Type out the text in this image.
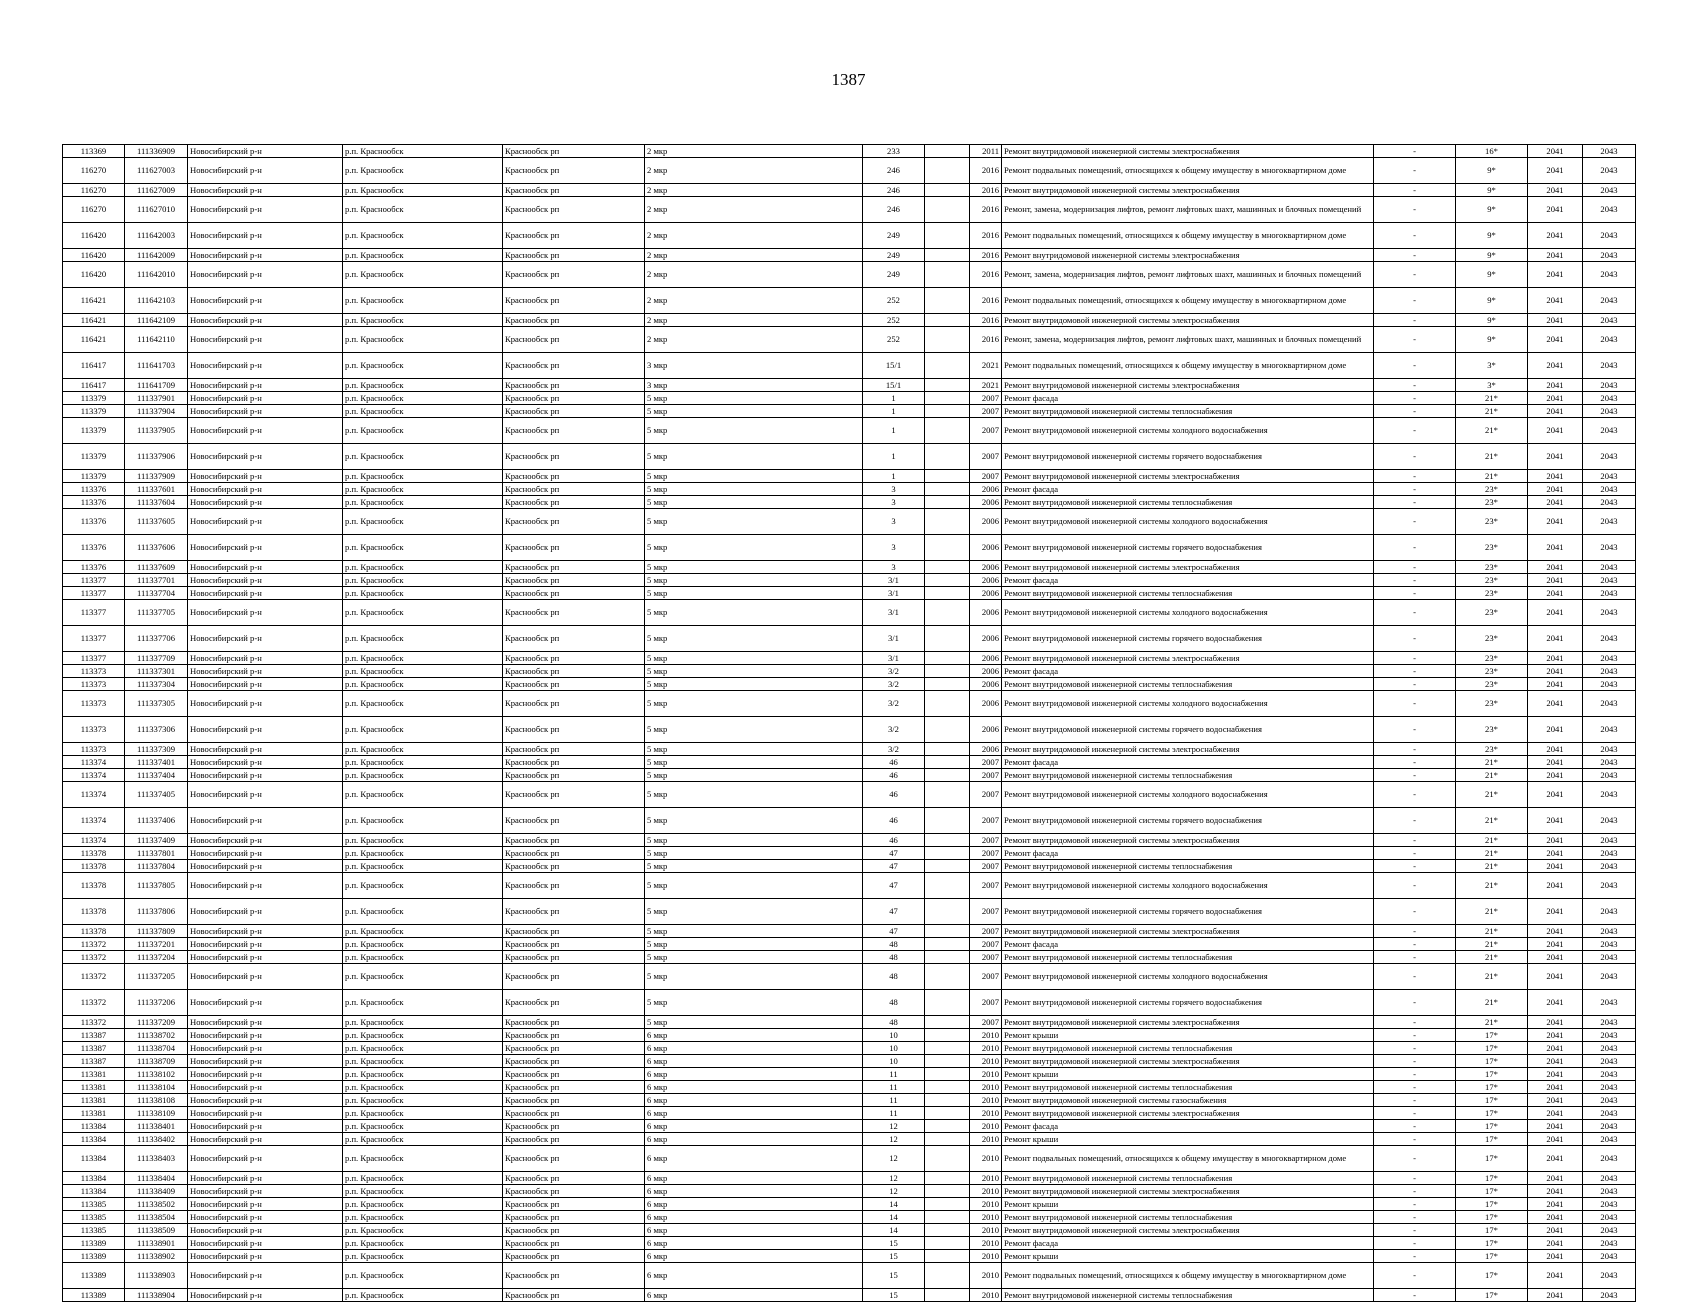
1387
113369	111336909	Новосибирский р-н	р.п. Краснообск	Краснообск рп	2 мкр	233		2011	Ремонт внутридомовой инженерной системы электроснабжения	-	16*	2041	2043
116270	111627003	Новосибирский р-н	р.п. Краснообск	Краснообск рп	2 мкр	246		2016	Ремонт подвальных помещений, относящихся к общему имуществу в многоквартирном доме	-	9*	2041	2043
116270	111627009	Новосибирский р-н	р.п. Краснообск	Краснообск рп	2 мкр	246		2016	Ремонт внутридомовой инженерной системы электроснабжения	-	9*	2041	2043
116270	111627010	Новосибирский р-н	р.п. Краснообск	Краснообск рп	2 мкр	246		2016	Ремонт, замена, модернизация лифтов, ремонт лифтовых шахт, машинных и блочных помещений	-	9*	2041	2043
116420	111642003	Новосибирский р-н	р.п. Краснообск	Краснообск рп	2 мкр	249		2016	Ремонт подвальных помещений, относящихся к общему имуществу в многоквартирном доме	-	9*	2041	2043
116420	111642009	Новосибирский р-н	р.п. Краснообск	Краснообск рп	2 мкр	249		2016	Ремонт внутридомовой инженерной системы электроснабжения	-	9*	2041	2043
116420	111642010	Новосибирский р-н	р.п. Краснообск	Краснообск рп	2 мкр	249		2016	Ремонт, замена, модернизация лифтов, ремонт лифтовых шахт, машинных и блочных помещений	-	9*	2041	2043
116421	111642103	Новосибирский р-н	р.п. Краснообск	Краснообск рп	2 мкр	252		2016	Ремонт подвальных помещений, относящихся к общему имуществу в многоквартирном доме	-	9*	2041	2043
116421	111642109	Новосибирский р-н	р.п. Краснообск	Краснообск рп	2 мкр	252		2016	Ремонт внутридомовой инженерной системы электроснабжения	-	9*	2041	2043
116421	111642110	Новосибирский р-н	р.п. Краснообск	Краснообск рп	2 мкр	252		2016	Ремонт, замена, модернизация лифтов, ремонт лифтовых шахт, машинных и блочных помещений	-	9*	2041	2043
116417	111641703	Новосибирский р-н	р.п. Краснообск	Краснообск рп	3 мкр	15/1		2021	Ремонт подвальных помещений, относящихся к общему имуществу в многоквартирном доме	-	3*	2041	2043
116417	111641709	Новосибирский р-н	р.п. Краснообск	Краснообск рп	3 мкр	15/1		2021	Ремонт внутридомовой инженерной системы электроснабжения	-	3*	2041	2043
113379	111337901	Новосибирский р-н	р.п. Краснообск	Краснообск рп	5 мкр	1		2007	Ремонт фасада	-	21*	2041	2043
113379	111337904	Новосибирский р-н	р.п. Краснообск	Краснообск рп	5 мкр	1		2007	Ремонт внутридомовой инженерной системы теплоснабжения	-	21*	2041	2043
113379	111337905	Новосибирский р-н	р.п. Краснообск	Краснообск рп	5 мкр	1		2007	Ремонт внутридомовой инженерной системы холодного водоснабжения	-	21*	2041	2043
113379	111337906	Новосибирский р-н	р.п. Краснообск	Краснообск рп	5 мкр	1		2007	Ремонт внутридомовой инженерной системы горячего водоснабжения	-	21*	2041	2043
113379	111337909	Новосибирский р-н	р.п. Краснообск	Краснообск рп	5 мкр	1		2007	Ремонт внутридомовой инженерной системы электроснабжения	-	21*	2041	2043
113376	111337601	Новосибирский р-н	р.п. Краснообск	Краснообск рп	5 мкр	3		2006	Ремонт фасада	-	23*	2041	2043
113376	111337604	Новосибирский р-н	р.п. Краснообск	Краснообск рп	5 мкр	3		2006	Ремонт внутридомовой инженерной системы теплоснабжения	-	23*	2041	2043
113376	111337605	Новосибирский р-н	р.п. Краснообск	Краснообск рп	5 мкр	3		2006	Ремонт внутридомовой инженерной системы холодного водоснабжения	-	23*	2041	2043
113376	111337606	Новосибирский р-н	р.п. Краснообск	Краснообск рп	5 мкр	3		2006	Ремонт внутридомовой инженерной системы горячего водоснабжения	-	23*	2041	2043
113376	111337609	Новосибирский р-н	р.п. Краснообск	Краснообск рп	5 мкр	3		2006	Ремонт внутридомовой инженерной системы электроснабжения	-	23*	2041	2043
113377	111337701	Новосибирский р-н	р.п. Краснообск	Краснообск рп	5 мкр	3/1		2006	Ремонт фасада	-	23*	2041	2043
113377	111337704	Новосибирский р-н	р.п. Краснообск	Краснообск рп	5 мкр	3/1		2006	Ремонт внутридомовой инженерной системы теплоснабжения	-	23*	2041	2043
113377	111337705	Новосибирский р-н	р.п. Краснообск	Краснообск рп	5 мкр	3/1		2006	Ремонт внутридомовой инженерной системы холодного водоснабжения	-	23*	2041	2043
113377	111337706	Новосибирский р-н	р.п. Краснообск	Краснообск рп	5 мкр	3/1		2006	Ремонт внутридомовой инженерной системы горячего водоснабжения	-	23*	2041	2043
113377	111337709	Новосибирский р-н	р.п. Краснообск	Краснообск рп	5 мкр	3/1		2006	Ремонт внутридомовой инженерной системы электроснабжения	-	23*	2041	2043
113373	111337301	Новосибирский р-н	р.п. Краснообск	Краснообск рп	5 мкр	3/2		2006	Ремонт фасада	-	23*	2041	2043
113373	111337304	Новосибирский р-н	р.п. Краснообск	Краснообск рп	5 мкр	3/2		2006	Ремонт внутридомовой инженерной системы теплоснабжения	-	23*	2041	2043
113373	111337305	Новосибирский р-н	р.п. Краснообск	Краснообск рп	5 мкр	3/2		2006	Ремонт внутридомовой инженерной системы холодного водоснабжения	-	23*	2041	2043
113373	111337306	Новосибирский р-н	р.п. Краснообск	Краснообск рп	5 мкр	3/2		2006	Ремонт внутридомовой инженерной системы горячего водоснабжения	-	23*	2041	2043
113373	111337309	Новосибирский р-н	р.п. Краснообск	Краснообск рп	5 мкр	3/2		2006	Ремонт внутридомовой инженерной системы электроснабжения	-	23*	2041	2043
113374	111337401	Новосибирский р-н	р.п. Краснообск	Краснообск рп	5 мкр	46		2007	Ремонт фасада	-	21*	2041	2043
113374	111337404	Новосибирский р-н	р.п. Краснообск	Краснообск рп	5 мкр	46		2007	Ремонт внутридомовой инженерной системы теплоснабжения	-	21*	2041	2043
113374	111337405	Новосибирский р-н	р.п. Краснообск	Краснообск рп	5 мкр	46		2007	Ремонт внутридомовой инженерной системы холодного водоснабжения	-	21*	2041	2043
113374	111337406	Новосибирский р-н	р.п. Краснообск	Краснообск рп	5 мкр	46		2007	Ремонт внутридомовой инженерной системы горячего водоснабжения	-	21*	2041	2043
113374	111337409	Новосибирский р-н	р.п. Краснообск	Краснообск рп	5 мкр	46		2007	Ремонт внутридомовой инженерной системы электроснабжения	-	21*	2041	2043
113378	111337801	Новосибирский р-н	р.п. Краснообск	Краснообск рп	5 мкр	47		2007	Ремонт фасада	-	21*	2041	2043
113378	111337804	Новосибирский р-н	р.п. Краснообск	Краснообск рп	5 мкр	47		2007	Ремонт внутридомовой инженерной системы теплоснабжения	-	21*	2041	2043
113378	111337805	Новосибирский р-н	р.п. Краснообск	Краснообск рп	5 мкр	47		2007	Ремонт внутридомовой инженерной системы холодного водоснабжения	-	21*	2041	2043
113378	111337806	Новосибирский р-н	р.п. Краснообск	Краснообск рп	5 мкр	47		2007	Ремонт внутридомовой инженерной системы горячего водоснабжения	-	21*	2041	2043
113378	111337809	Новосибирский р-н	р.п. Краснообск	Краснообск рп	5 мкр	47		2007	Ремонт внутридомовой инженерной системы электроснабжения	-	21*	2041	2043
113372	111337201	Новосибирский р-н	р.п. Краснообск	Краснообск рп	5 мкр	48		2007	Ремонт фасада	-	21*	2041	2043
113372	111337204	Новосибирский р-н	р.п. Краснообск	Краснообск рп	5 мкр	48		2007	Ремонт внутридомовой инженерной системы теплоснабжения	-	21*	2041	2043
113372	111337205	Новосибирский р-н	р.п. Краснообск	Краснообск рп	5 мкр	48		2007	Ремонт внутридомовой инженерной системы холодного водоснабжения	-	21*	2041	2043
113372	111337206	Новосибирский р-н	р.п. Краснообск	Краснообск рп	5 мкр	48		2007	Ремонт внутридомовой инженерной системы горячего водоснабжения	-	21*	2041	2043
113372	111337209	Новосибирский р-н	р.п. Краснообск	Краснообск рп	5 мкр	48		2007	Ремонт внутридомовой инженерной системы электроснабжения	-	21*	2041	2043
113387	111338702	Новосибирский р-н	р.п. Краснообск	Краснообск рп	6 мкр	10		2010	Ремонт крыши	-	17*	2041	2043
113387	111338704	Новосибирский р-н	р.п. Краснообск	Краснообск рп	6 мкр	10		2010	Ремонт внутридомовой инженерной системы теплоснабжения	-	17*	2041	2043
113387	111338709	Новосибирский р-н	р.п. Краснообск	Краснообск рп	6 мкр	10		2010	Ремонт внутридомовой инженерной системы электроснабжения	-	17*	2041	2043
113381	111338102	Новосибирский р-н	р.п. Краснообск	Краснообск рп	6 мкр	11		2010	Ремонт крыши	-	17*	2041	2043
113381	111338104	Новосибирский р-н	р.п. Краснообск	Краснообск рп	6 мкр	11		2010	Ремонт внутридомовой инженерной системы теплоснабжения	-	17*	2041	2043
113381	111338108	Новосибирский р-н	р.п. Краснообск	Краснообск рп	6 мкр	11		2010	Ремонт внутридомовой инженерной системы газоснабжения	-	17*	2041	2043
113381	111338109	Новосибирский р-н	р.п. Краснообск	Краснообск рп	6 мкр	11		2010	Ремонт внутридомовой инженерной системы электроснабжения	-	17*	2041	2043
113384	111338401	Новосибирский р-н	р.п. Краснообск	Краснообск рп	6 мкр	12		2010	Ремонт фасада	-	17*	2041	2043
113384	111338402	Новосибирский р-н	р.п. Краснообск	Краснообск рп	6 мкр	12		2010	Ремонт крыши	-	17*	2041	2043
113384	111338403	Новосибирский р-н	р.п. Краснообск	Краснообск рп	6 мкр	12		2010	Ремонт подвальных помещений, относящихся к общему имуществу в многоквартирном доме	-	17*	2041	2043
113384	111338404	Новосибирский р-н	р.п. Краснообск	Краснообск рп	6 мкр	12		2010	Ремонт внутридомовой инженерной системы теплоснабжения	-	17*	2041	2043
113384	111338409	Новосибирский р-н	р.п. Краснообск	Краснообск рп	6 мкр	12		2010	Ремонт внутридомовой инженерной системы электроснабжения	-	17*	2041	2043
113385	111338502	Новосибирский р-н	р.п. Краснообск	Краснообск рп	6 мкр	14		2010	Ремонт крыши	-	17*	2041	2043
113385	111338504	Новосибирский р-н	р.п. Краснообск	Краснообск рп	6 мкр	14		2010	Ремонт внутридомовой инженерной системы теплоснабжения	-	17*	2041	2043
113385	111338509	Новосибирский р-н	р.п. Краснообск	Краснообск рп	6 мкр	14		2010	Ремонт внутридомовой инженерной системы электроснабжения	-	17*	2041	2043
113389	111338901	Новосибирский р-н	р.п. Краснообск	Краснообск рп	6 мкр	15		2010	Ремонт фасада	-	17*	2041	2043
113389	111338902	Новосибирский р-н	р.п. Краснообск	Краснообск рп	6 мкр	15		2010	Ремонт крыши	-	17*	2041	2043
113389	111338903	Новосибирский р-н	р.п. Краснообск	Краснообск рп	6 мкр	15		2010	Ремонт подвальных помещений, относящихся к общему имуществу в многоквартирном доме	-	17*	2041	2043
113389	111338904	Новосибирский р-н	р.п. Краснообск	Краснообск рп	6 мкр	15		2010	Ремонт внутридомовой инженерной системы теплоснабжения	-	17*	2041	2043
